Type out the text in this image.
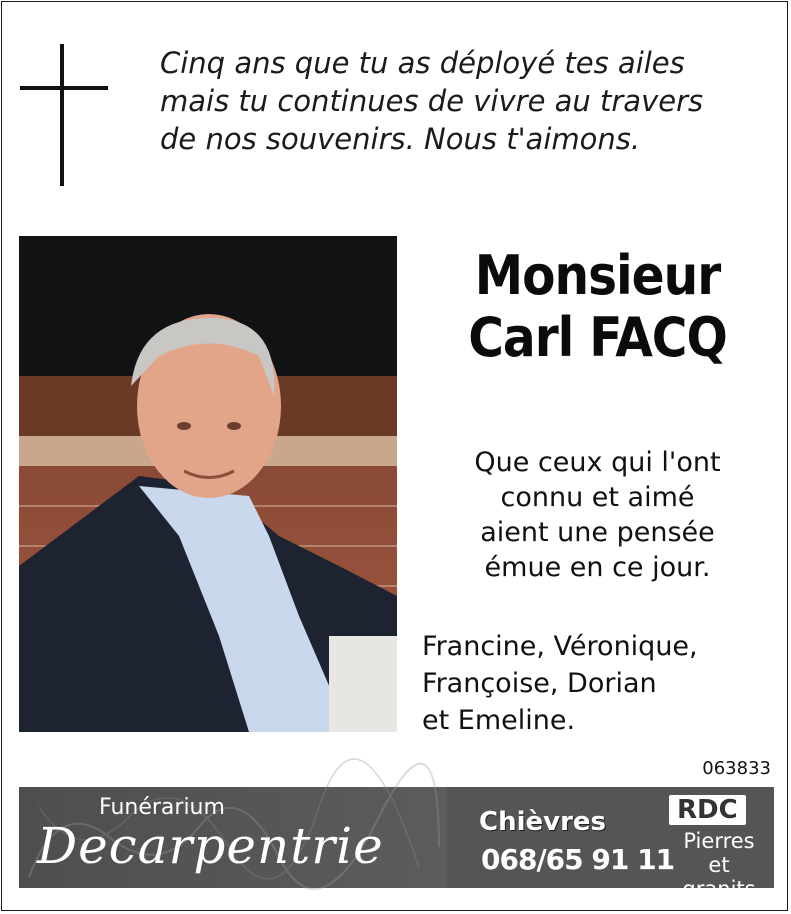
Cinq ans que tu as déployé tes ailes
mais tu continues de vivre au travers
de nos souvenirs. Nous t'aimons.
Monsieur
Carl FACQ
Que ceux qui l'ont
connu et aimé
aient une pensée
émue en ce jour.
Francine, Véronique,
Françoise, Dorian
et Emeline.
063833
Funérarium
Decarpentrie	Chièvres
068/65 91 11
RDC
Pierres
et granits
